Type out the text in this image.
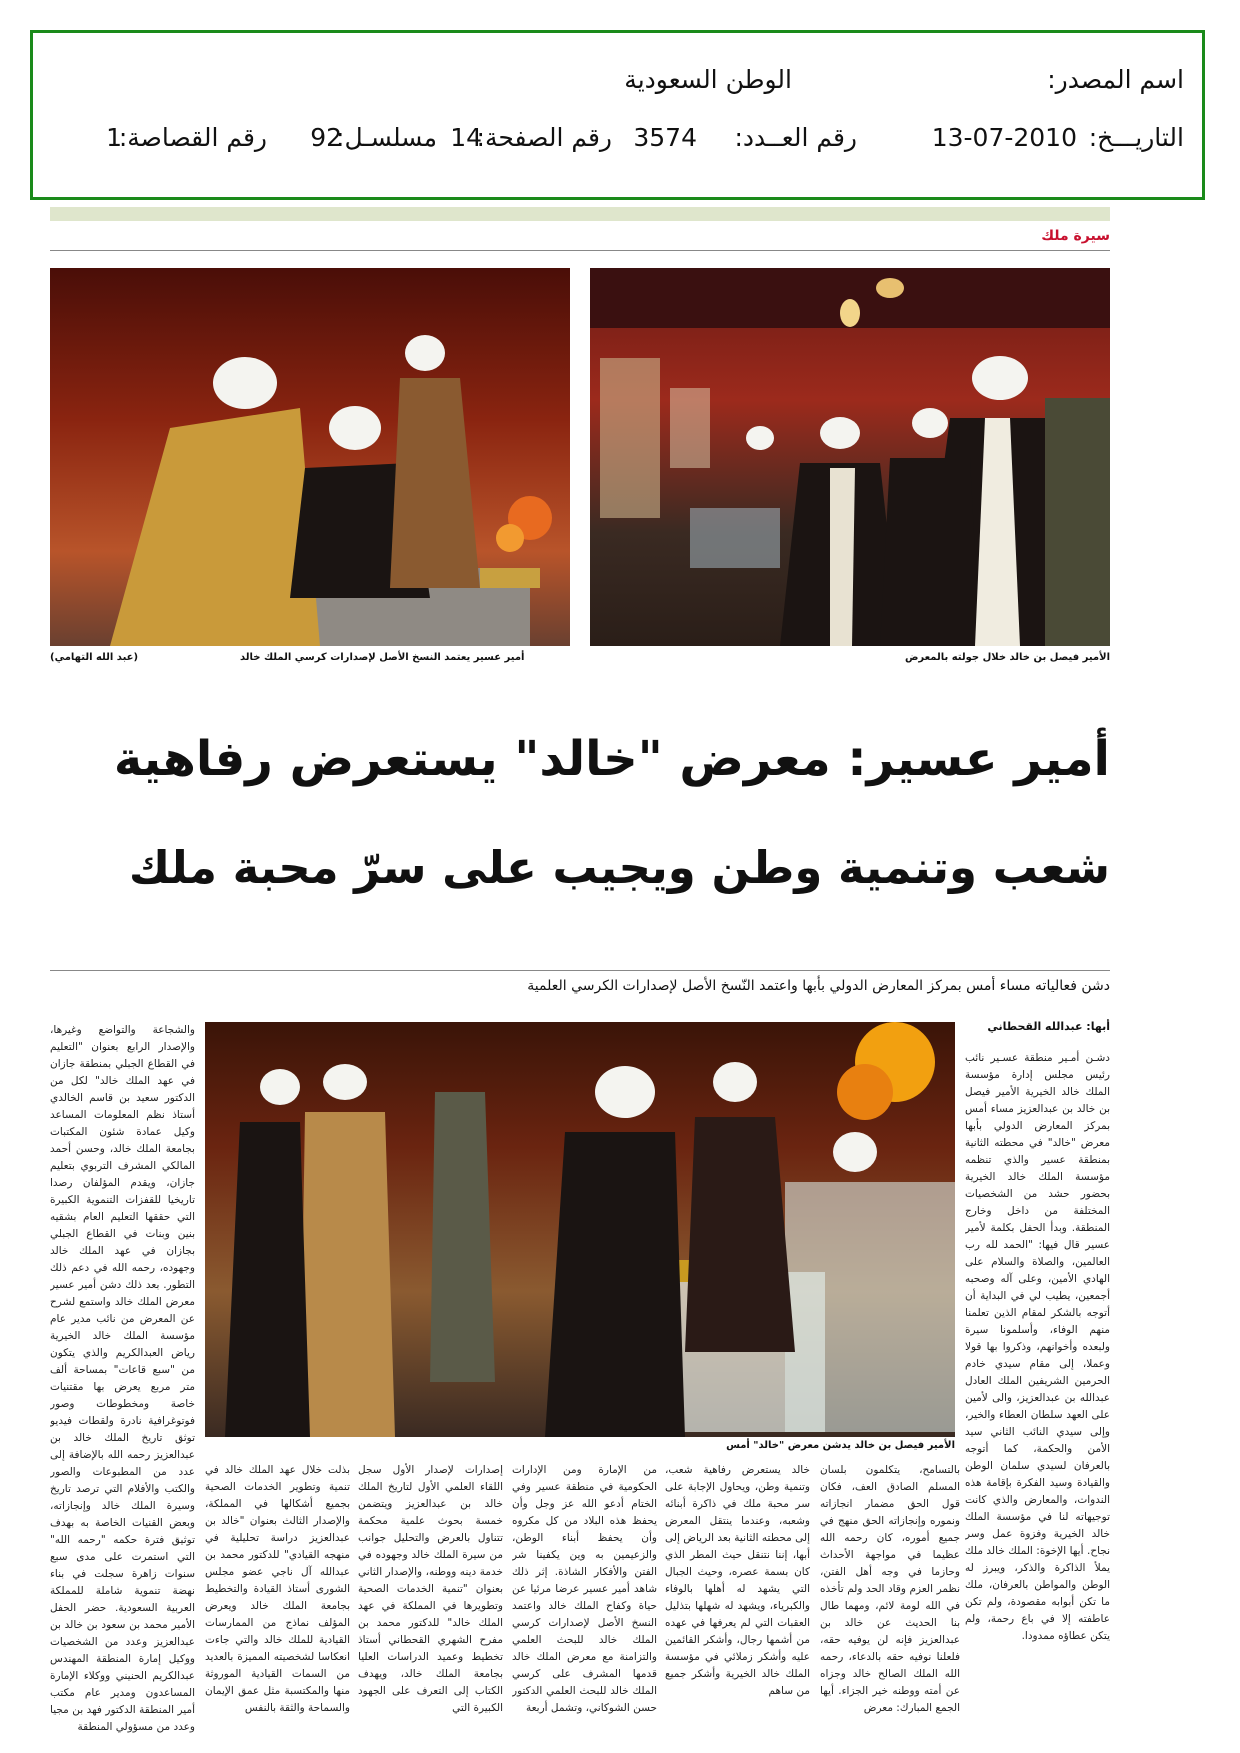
اسم المصدر:
الوطن السعودية
التاريـــخ:
13-07-2010
رقم العــدد:
3574
رقم الصفحة:
14
مسلسـل:
92
رقم القصاصة:
1
سيرة ملك
الأمير فيصل بن خالد خلال جولته بالمعرض
أمير عسير يعتمد النسخ الأصل لإصدارات كرسي الملك خالد
(عبد الله التهامي)
أمير عسير: معرض "خالد" يستعرض رفاهية
شعب وتنمية وطن ويجيب على سرّ محبة ملك
دشن فعالياته مساء أمس بمركز المعارض الدولي بأبها واعتمد النّسخ الأصل لإصدارات الكرسي العلمية
أبها: عبدالله القحطاني
الأمير فيصل بن خالد يدشن معرض "خالد" أمس
دشـن أمـير منطقة عسـير نائب رئيس مجلس إدارة مؤسسة الملك خالد الخيرية الأمير فيصل بن خالد بن عبدالعزيز مساء أمس بمركز المعارض الدولي بأبها معرض "خالد" في محطته الثانية بمنطقة عسير والذي تنظمه مؤسسة الملك خالد الخيرية بحضور حشد من الشخصيات المختلفة من داخل وخارج المنطقة. وبدأ الحفل بكلمة لأمير عسير قال فيها: "الحمد لله رب العالمين، والصلاة والسلام على الهادي الأمين، وعلى آله وصحبه أجمعين، يطيب لي في البداية أن أتوجه بالشكر لمقام الذين تعلمنا منهم الوفاء، وأسلمونا سيرة ولبعده وأخوانهم، وذكروا بها قولا وعملا، إلى مقام سيدي خادم الحرمين الشريفين الملك العادل عبدالله بن عبدالعزيز، والى لأمين على العهد سلطان العطاء والخير، وإلى سيدي النائب الثاني سيد الأمن والحكمة، كما أتوجه بالعرفان لسيدي سلمان الوطن والقيادة وسيد الفكرة بإقامة هذه الندوات، والمعارض والذي كانت توجيهاته لنا في مؤسسة الملك خالد الخيرية وفزوة عمل وسر نجاح. أيها الإخوة: الملك خالد ملك يملأ الذاكرة والذكر، ويبرز له الوطن والمواطن بالعرفان، ملك ما تكن أبوابه مقصودة، ولم تكن عاطفته إلا في باع رحمة، ولم يتكن عطاؤه ممدودا.
بالتسامح، يتكلمون بلسان المسلم الصادق العف، فكان قول الحق مضمار انجازاته ونموره وإنجازاته الحق منهج في جميع أموره، كان رحمه الله عظيما في مواجهة الأحداث وحازما في وجه أهل الفتن، نظمر العزم وقاد الحد ولم تأخذه في الله لومة لائم، ومهما طال بنا الحديث عن خالد بن عبدالعزيز فإنه لن يوفيه حقه، فلعلنا نوفيه حقه بالدعاء، رحمه الله الملك الصالح خالد وجزاه عن أمته ووطنه خير الجزاء. أيها الجمع المبارك: معرض
خالد يستعرض رفاهية شعب، وتنمية وطن، ويحاول الإجابة على سر محبة ملك في ذاكرة أبنائه وشعبه، وعندما ينتقل المعرض إلى محطته الثانية بعد الرياض إلى أبها، إننا نتنقل حيث المطر الذي كان بسمة عصره، وحيث الجبال التي يشهد له أهلها بالوفاء والكبرياء، ويشهد له شهلها بتذليل العقبات التي لم يعرفها في عهده من أشمها رجال، وأشكر القائمين عليه وأشكر زملائي في مؤسسة الملك خالد الخيرية وأشكر جميع من ساهم
من الإمارة ومن الإدارات الحكومية في منطقة عسير وفي الختام أدعو الله عز وجل وأن يحفظ هذه البلاد من كل مكروه وأن يحفظ أبناء الوطن، والزعيمين به وين يكفينا شر الفتن والأفكار الشاذة. إثر ذلك شاهد أمير عسير عرضا مرئيا عن حياة وكفاح الملك خالد واعتمد النسخ الأصل لإصدارات كرسي الملك خالد للبحث العلمي والتزامنة مع معرض الملك خالد قدمها المشرف على كرسي الملك خالد للبحث العلمي الدكتور حسن الشوكاني، وتشمل أربعة
إصدارات لإصدار الأول سجل اللقاء العلمي الأول لتاريخ الملك خالد بن عبدالعزيز ويتضمن خمسة بحوث علمية محكمة تتناول بالعرض والتحليل جوانب من سيرة الملك خالد وجهوده في خدمة دينه ووطنه، والإصدار الثاني بعنوان "تنمية الخدمات الصحية وتطويرها في المملكة في عهد الملك خالد" للدكتور محمد بن مفرح الشهري القحطاني أستاذ تخطيط وعميد الدراسات العليا بجامعة الملك خالد، ويهدف الكتاب إلى التعرف على الجهود الكبيرة التي
بذلت خلال عهد الملك خالد في تنمية وتطوير الخدمات الصحية بجميع أشكالها في المملكة، والإصدار الثالث بعنوان "خالد بن عبدالعزيز دراسة تحليلية في منهجه القيادي" للدكتور محمد بن عبدالله آل ناجي عضو مجلس الشورى أستاذ القيادة والتخطيط بجامعة الملك خالد ويعرض المؤلف نماذج من الممارسات القيادية للملك خالد والتي جاءت انعكاسا لشخصيته المميزة بالعديد من السمات القيادية الموروثة منها والمكتسبة مثل عمق الإيمان والسماحة والثقة بالنفس
والشجاعة والتواضع وغيرها، والإصدار الرابع بعنوان "التعليم في القطاع الجبلي بمنطقة جازان في عهد الملك خالد" لكل من الدكتور سعيد بن قاسم الخالدي أستاذ نظم المعلومات المساعد وكيل عمادة شئون المكتبات بجامعة الملك خالد، وحسن أحمد المالكي المشرف التربوي بتعليم جازان، ويقدم المؤلفان رصدا تاريخيا للقفزات التنموية الكبيرة التي حققها التعليم العام بشقيه بنين وبنات في القطاع الجبلي بجازان في عهد الملك خالد وجهوده، رحمه الله في دعم ذلك التطور. بعد ذلك دشن أمير عسير معرض الملك خالد واستمع لشرح عن المعرض من نائب مدير عام مؤسسة الملك خالد الخيرية رياض العبدالكريم والذي يتكون من "سبع قاعات" بمساحة ألف متر مربع يعرض بها مقتنيات خاصة ومخطوطات وصور فوتوغرافية نادرة ولقطات فيديو توثق تاريخ الملك خالد بن عبدالعزيز رحمه الله بالإضافة إلى عدد من المطبوعات والصور والكتب والأفلام التي ترصد تاريخ وسيرة الملك خالد وإنجازاته، وبعض القنيات الخاصة به بهدف توثيق فترة حكمه "رحمه الله" التي استمرت على مدى سبع سنوات زاهرة سجلت في بناء نهضة تنموية شاملة للمملكة العربية السعودية. حضر الحفل الأمير محمد بن سعود بن خالد بن عبدالعزيز وعدد من الشخصيات ووكيل إمارة المنطقة المهندس عبدالكريم الحنيني ووكلاء الإمارة المساعدون ومدير عام مكتب أمير المنطقة الدكتور فهد بن مجيا وعدد من مسؤولي المنطقة
